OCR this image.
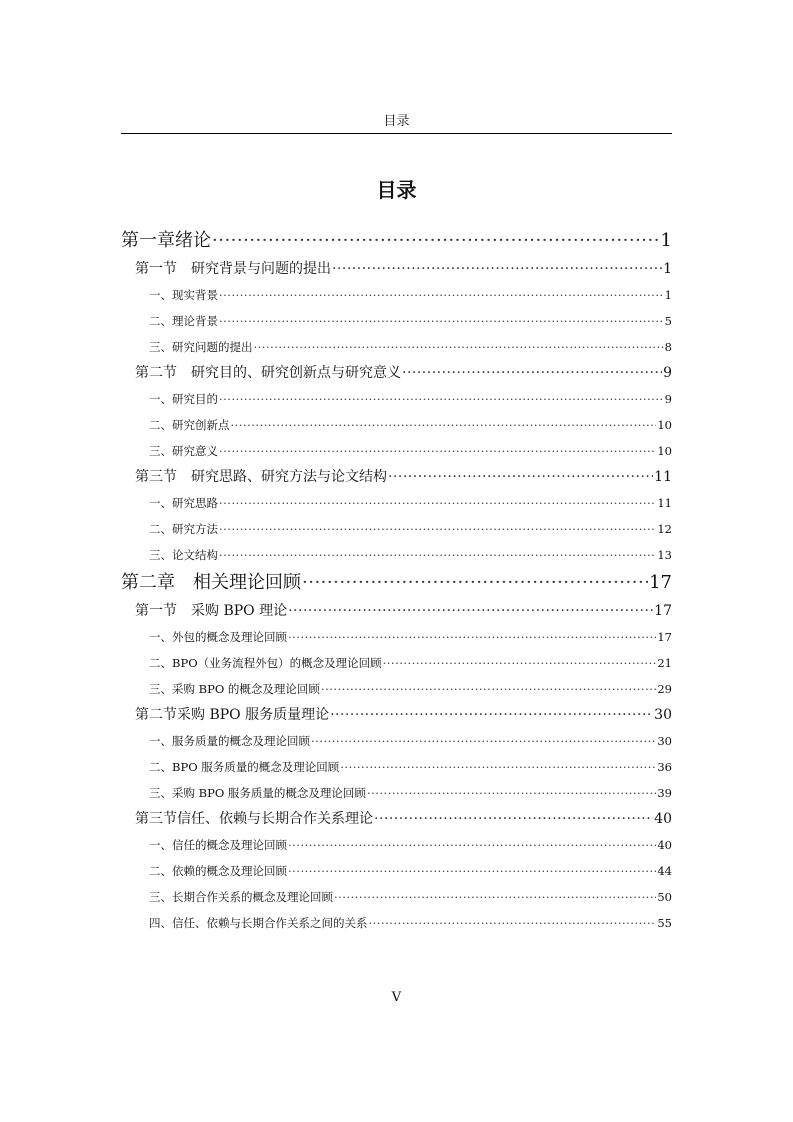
目录
目录
第一章绪论 ·····	1
第一节　研究背景与问题的提出 ·····	1
一、现实背景 ·····	1
二、理论背景 ·····	5
三、研究问题的提出 ·····	8
第二节　研究目的、研究创新点与研究意义 ·····	9
一、研究目的 ·····	9
二、研究创新点 ·····	10
三、研究意义 ·····	10
第三节　研究思路、研究方法与论文结构 ·····	11
一、研究思路 ·····	11
二、研究方法 ·····	12
三、论文结构 ·····	13
第二章　相关理论回顾 ·····	17
第一节　采购 BPO 理论 ·····	17
一、外包的概念及理论回顾 ·····	17
二、BPO（业务流程外包）的概念及理论回顾 ·····	21
三、采购 BPO 的概念及理论回顾 ·····	29
第二节采购 BPO 服务质量理论 ·····	30
一、服务质量的概念及理论回顾 ·····	30
二、BPO 服务质量的概念及理论回顾 ·····	36
三、采购 BPO 服务质量的概念及理论回顾 ·····	39
第三节信任、依赖与长期合作关系理论 ·····	40
一、信任的概念及理论回顾 ·····	40
二、依赖的概念及理论回顾 ·····	44
三、长期合作关系的概念及理论回顾 ·····	50
四、信任、依赖与长期合作关系之间的关系 ·····	55
V
